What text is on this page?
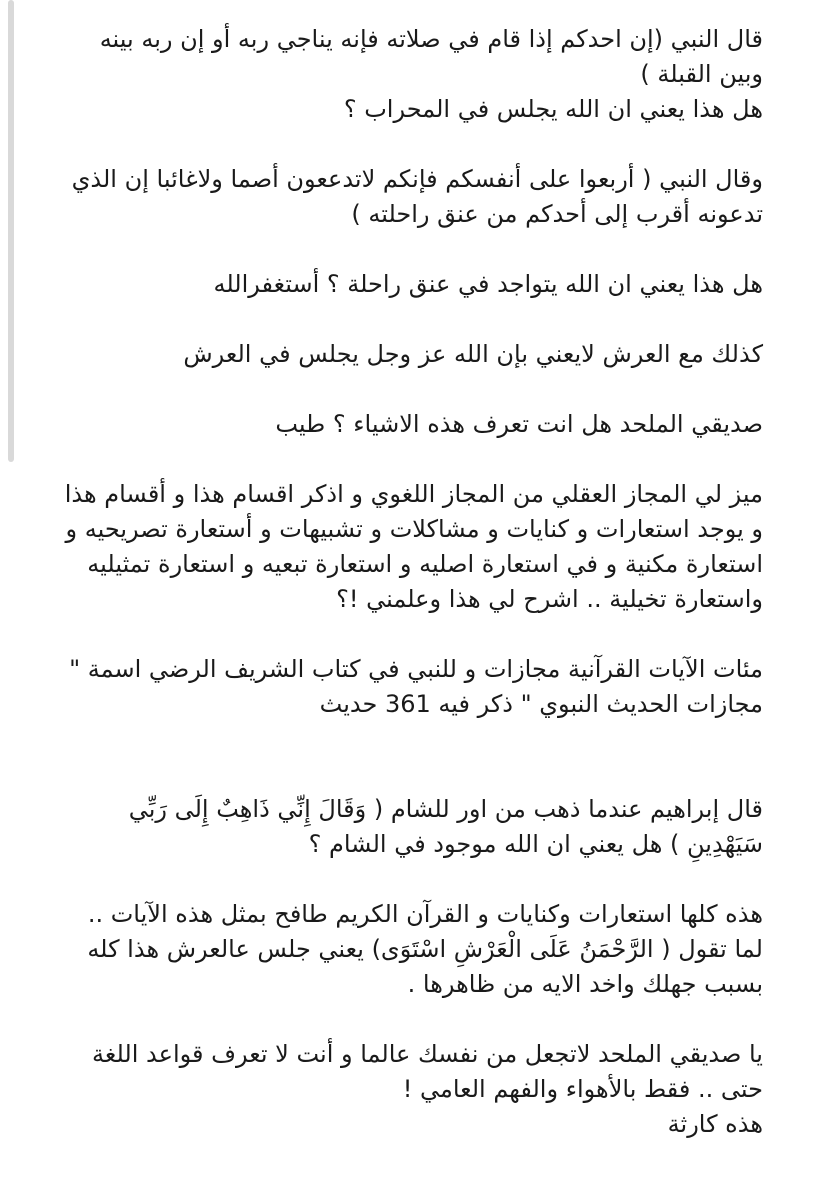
قال النبي (إن احدكم إذا قام في صلاته فإنه يناجي ربه أو إن ربه بينه وبين القبلة )
هل هذا يعني ان الله يجلس في المحراب ؟

وقال النبي ( أربعوا على أنفسكم فإنكم لاتدععون أصما ولاغائبا إن الذي تدعونه أقرب إلى أحدكم من عنق راحلته )

هل هذا يعني ان الله يتواجد في عنق راحلة ؟ أستغفرالله

كذلك مع العرش لايعني بإن الله عز وجل يجلس في العرش

صديقي الملحد هل انت تعرف هذه الاشياء ؟ طيب

ميز لي المجاز العقلي من المجاز اللغوي و اذكر اقسام هذا و أقسام هذا و يوجد استعارات و كنايات و مشاكلات و تشبيهات و أستعارة تصريحيه و استعارة مكنية و في استعارة اصليه و استعارة تبعيه و استعارة تمثيليه واستعارة تخيلية .. اشرح لي هذا وعلمني !؟

مئات الآيات القرآنية مجازات و للنبي في كتاب الشريف الرضي اسمة " مجازات الحديث النبوي " ذكر فيه 361 حديث

قال إبراهيم عندما ذهب من اور للشام ( وَقَالَ إِنِّي ذَاهِبٌ إِلَى رَبِّي سَيَهْدِينِ ) هل يعني ان الله موجود في الشام ؟

هذه كلها استعارات وكنايات و القرآن الكريم طافح بمثل هذه الآيات .. لما تقول ( الرَّحْمَنُ عَلَى الْعَرْشِ اسْتَوَى) يعني جلس عالعرش هذا كله بسبب جهلك واخد الايه من ظاهرها .

يا صديقي الملحد لاتجعل من نفسك عالما و أنت لا تعرف قواعد اللغة حتى .. فقط بالأهواء والفهم العامي !
هذه كارثة
